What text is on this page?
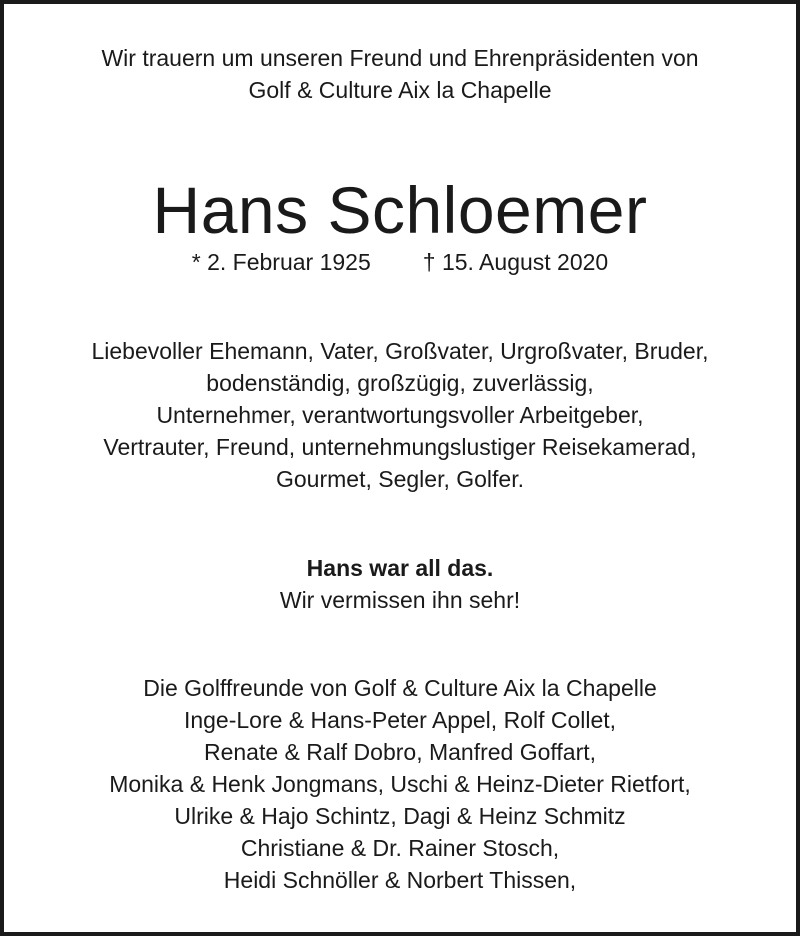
Wir trauern um unseren Freund und Ehrenpräsidenten von
Golf & Culture Aix la Chapelle
Hans Schloemer
* 2. Februar 1925 † 15. August 2020
Liebevoller Ehemann, Vater, Großvater, Urgroßvater, Bruder,
bodenständig, großzügig, zuverlässig,
Unternehmer, verantwortungsvoller Arbeitgeber,
Vertrauter, Freund, unternehmungslustiger Reisekamerad,
Gourmet, Segler, Golfer.
Hans war all das.
Wir vermissen ihn sehr!
Die Golffreunde von Golf & Culture Aix la Chapelle
Inge-Lore & Hans-Peter Appel, Rolf Collet,
Renate & Ralf Dobro, Manfred Goffart,
Monika & Henk Jongmans, Uschi & Heinz-Dieter Rietfort,
Ulrike & Hajo Schintz, Dagi & Heinz Schmitz
Christiane & Dr. Rainer Stosch,
Heidi Schnöller & Norbert Thissen,
